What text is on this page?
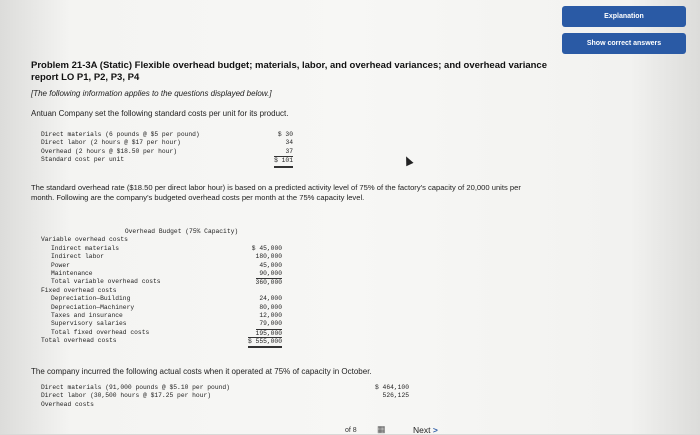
Explanation
Show correct answers
Problem 21-3A (Static) Flexible overhead budget; materials, labor, and overhead variances; and overhead variance report LO P1, P2, P3, P4
[The following information applies to the questions displayed below.]
Antuan Company set the following standard costs per unit for its product.
Direct materials (6 pounds @ $5 per pound)	$ 30
Direct labor (2 hours @ $17 per hour)	34
Overhead (2 hours @ $18.50 per hour)	37
Standard cost per unit	$ 101
The standard overhead rate ($18.50 per direct labor hour) is based on a predicted activity level of 75% of the factory's capacity of 20,000 units per month. Following are the company's budgeted overhead costs per month at the 75% capacity level.
Overhead Budget (75% Capacity)
Variable overhead costs
Indirect materials	$ 45,000
Indirect labor	180,000
Power	45,000
Maintenance	90,000
Total variable overhead costs	360,000
Fixed overhead costs
Depreciation—Building	24,000
Depreciation—Machinery	80,000
Taxes and insurance	12,000
Supervisory salaries	79,000
Total fixed overhead costs	195,000
Total overhead costs	$ 555,000
The company incurred the following actual costs when it operated at 75% of capacity in October.
Direct materials (91,000 pounds @ $5.10 per pound)	$ 464,100
Direct labor (30,500 hours @ $17.25 per hour)	526,125
Overhead costs
of 8 ▦	Next >
